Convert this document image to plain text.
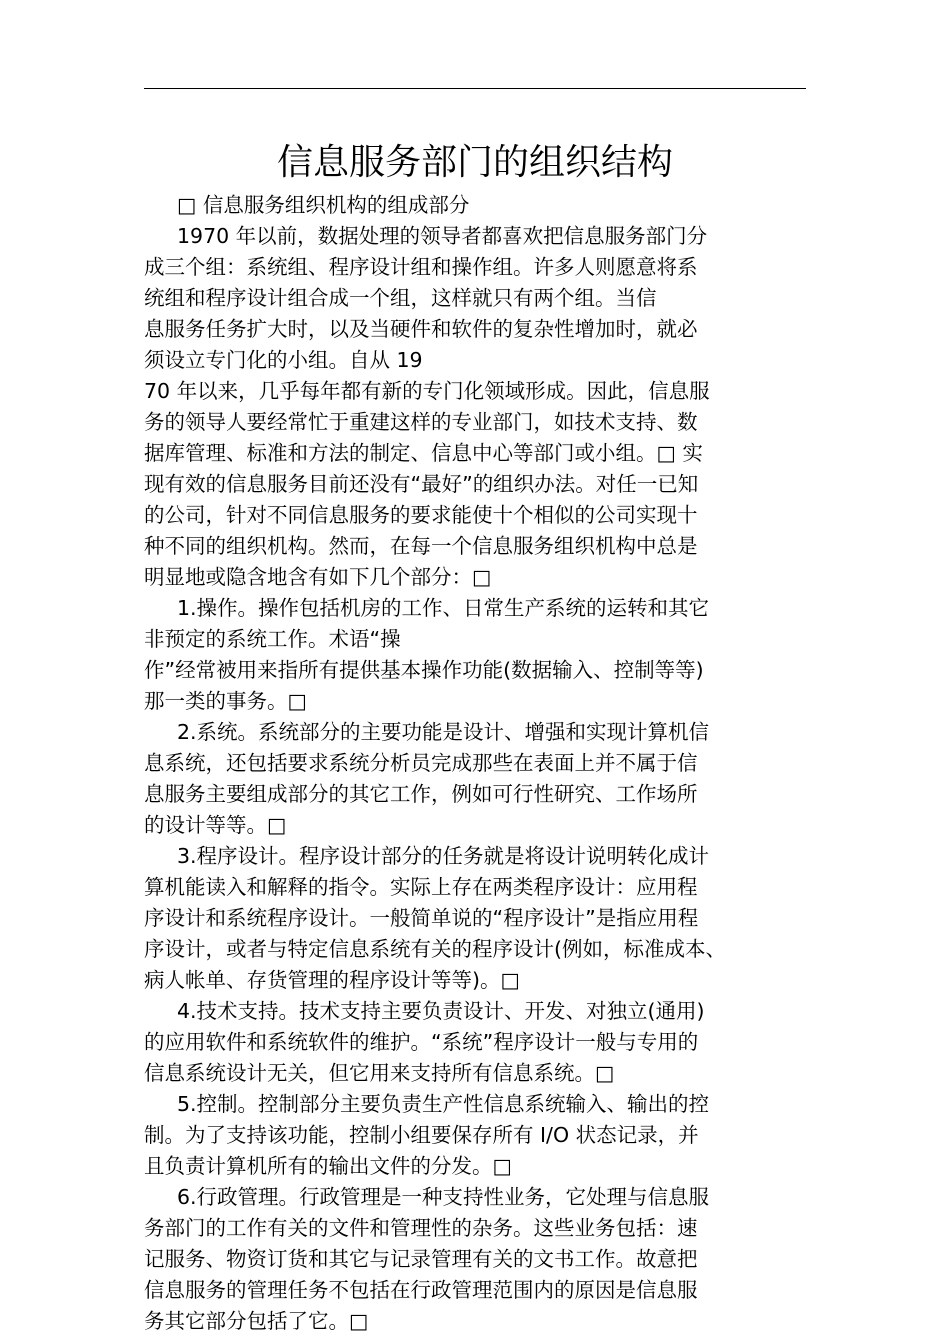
信息服务部门的组织结构
□ 信息服务组织机构的组成部分
1970 年以前，数据处理的领导者都喜欢把信息服务部门分
成三个组：系统组、程序设计组和操作组。许多人则愿意将系
统组和程序设计组合成一个组，这样就只有两个组。当信
息服务任务扩大时，以及当硬件和软件的复杂性增加时，就必
须设立专门化的小组。自从 19
70 年以来，几乎每年都有新的专门化领域形成。因此，信息服
务的领导人要经常忙于重建这样的专业部门，如技术支持、数
据库管理、标准和方法的制定、信息中心等部门或小组。□ 实
现有效的信息服务目前还没有“最好”的组织办法。对任一已知
的公司，针对不同信息服务的要求能使十个相似的公司实现十
种不同的组织机构。然而，在每一个信息服务组织机构中总是
明显地或隐含地含有如下几个部分：□
1.操作。操作包括机房的工作、日常生产系统的运转和其它
非预定的系统工作。术语“操
作”经常被用来指所有提供基本操作功能(数据输入、控制等等)
那一类的事务。□
2.系统。系统部分的主要功能是设计、增强和实现计算机信
息系统，还包括要求系统分析员完成那些在表面上并不属于信
息服务主要组成部分的其它工作，例如可行性研究、工作场所
的设计等等。□
3.程序设计。程序设计部分的任务就是将设计说明转化成计
算机能读入和解释的指令。实际上存在两类程序设计：应用程
序设计和系统程序设计。一般简单说的“程序设计”是指应用程
序设计，或者与特定信息系统有关的程序设计(例如，标准成本、
病人帐单、存货管理的程序设计等等)。□
4.技术支持。技术支持主要负责设计、开发、对独立(通用)
的应用软件和系统软件的维护。“系统”程序设计一般与专用的
信息系统设计无关，但它用来支持所有信息系统。□
5.控制。控制部分主要负责生产性信息系统输入、输出的控
制。为了支持该功能，控制小组要保存所有 I/O 状态记录，并
且负责计算机所有的输出文件的分发。□
6.行政管理。行政管理是一种支持性业务，它处理与信息服
务部门的工作有关的文件和管理性的杂务。这些业务包括：速
记服务、物资订货和其它与记录管理有关的文书工作。故意把
信息服务的管理任务不包括在行政管理范围内的原因是信息服
务其它部分包括了它。□
